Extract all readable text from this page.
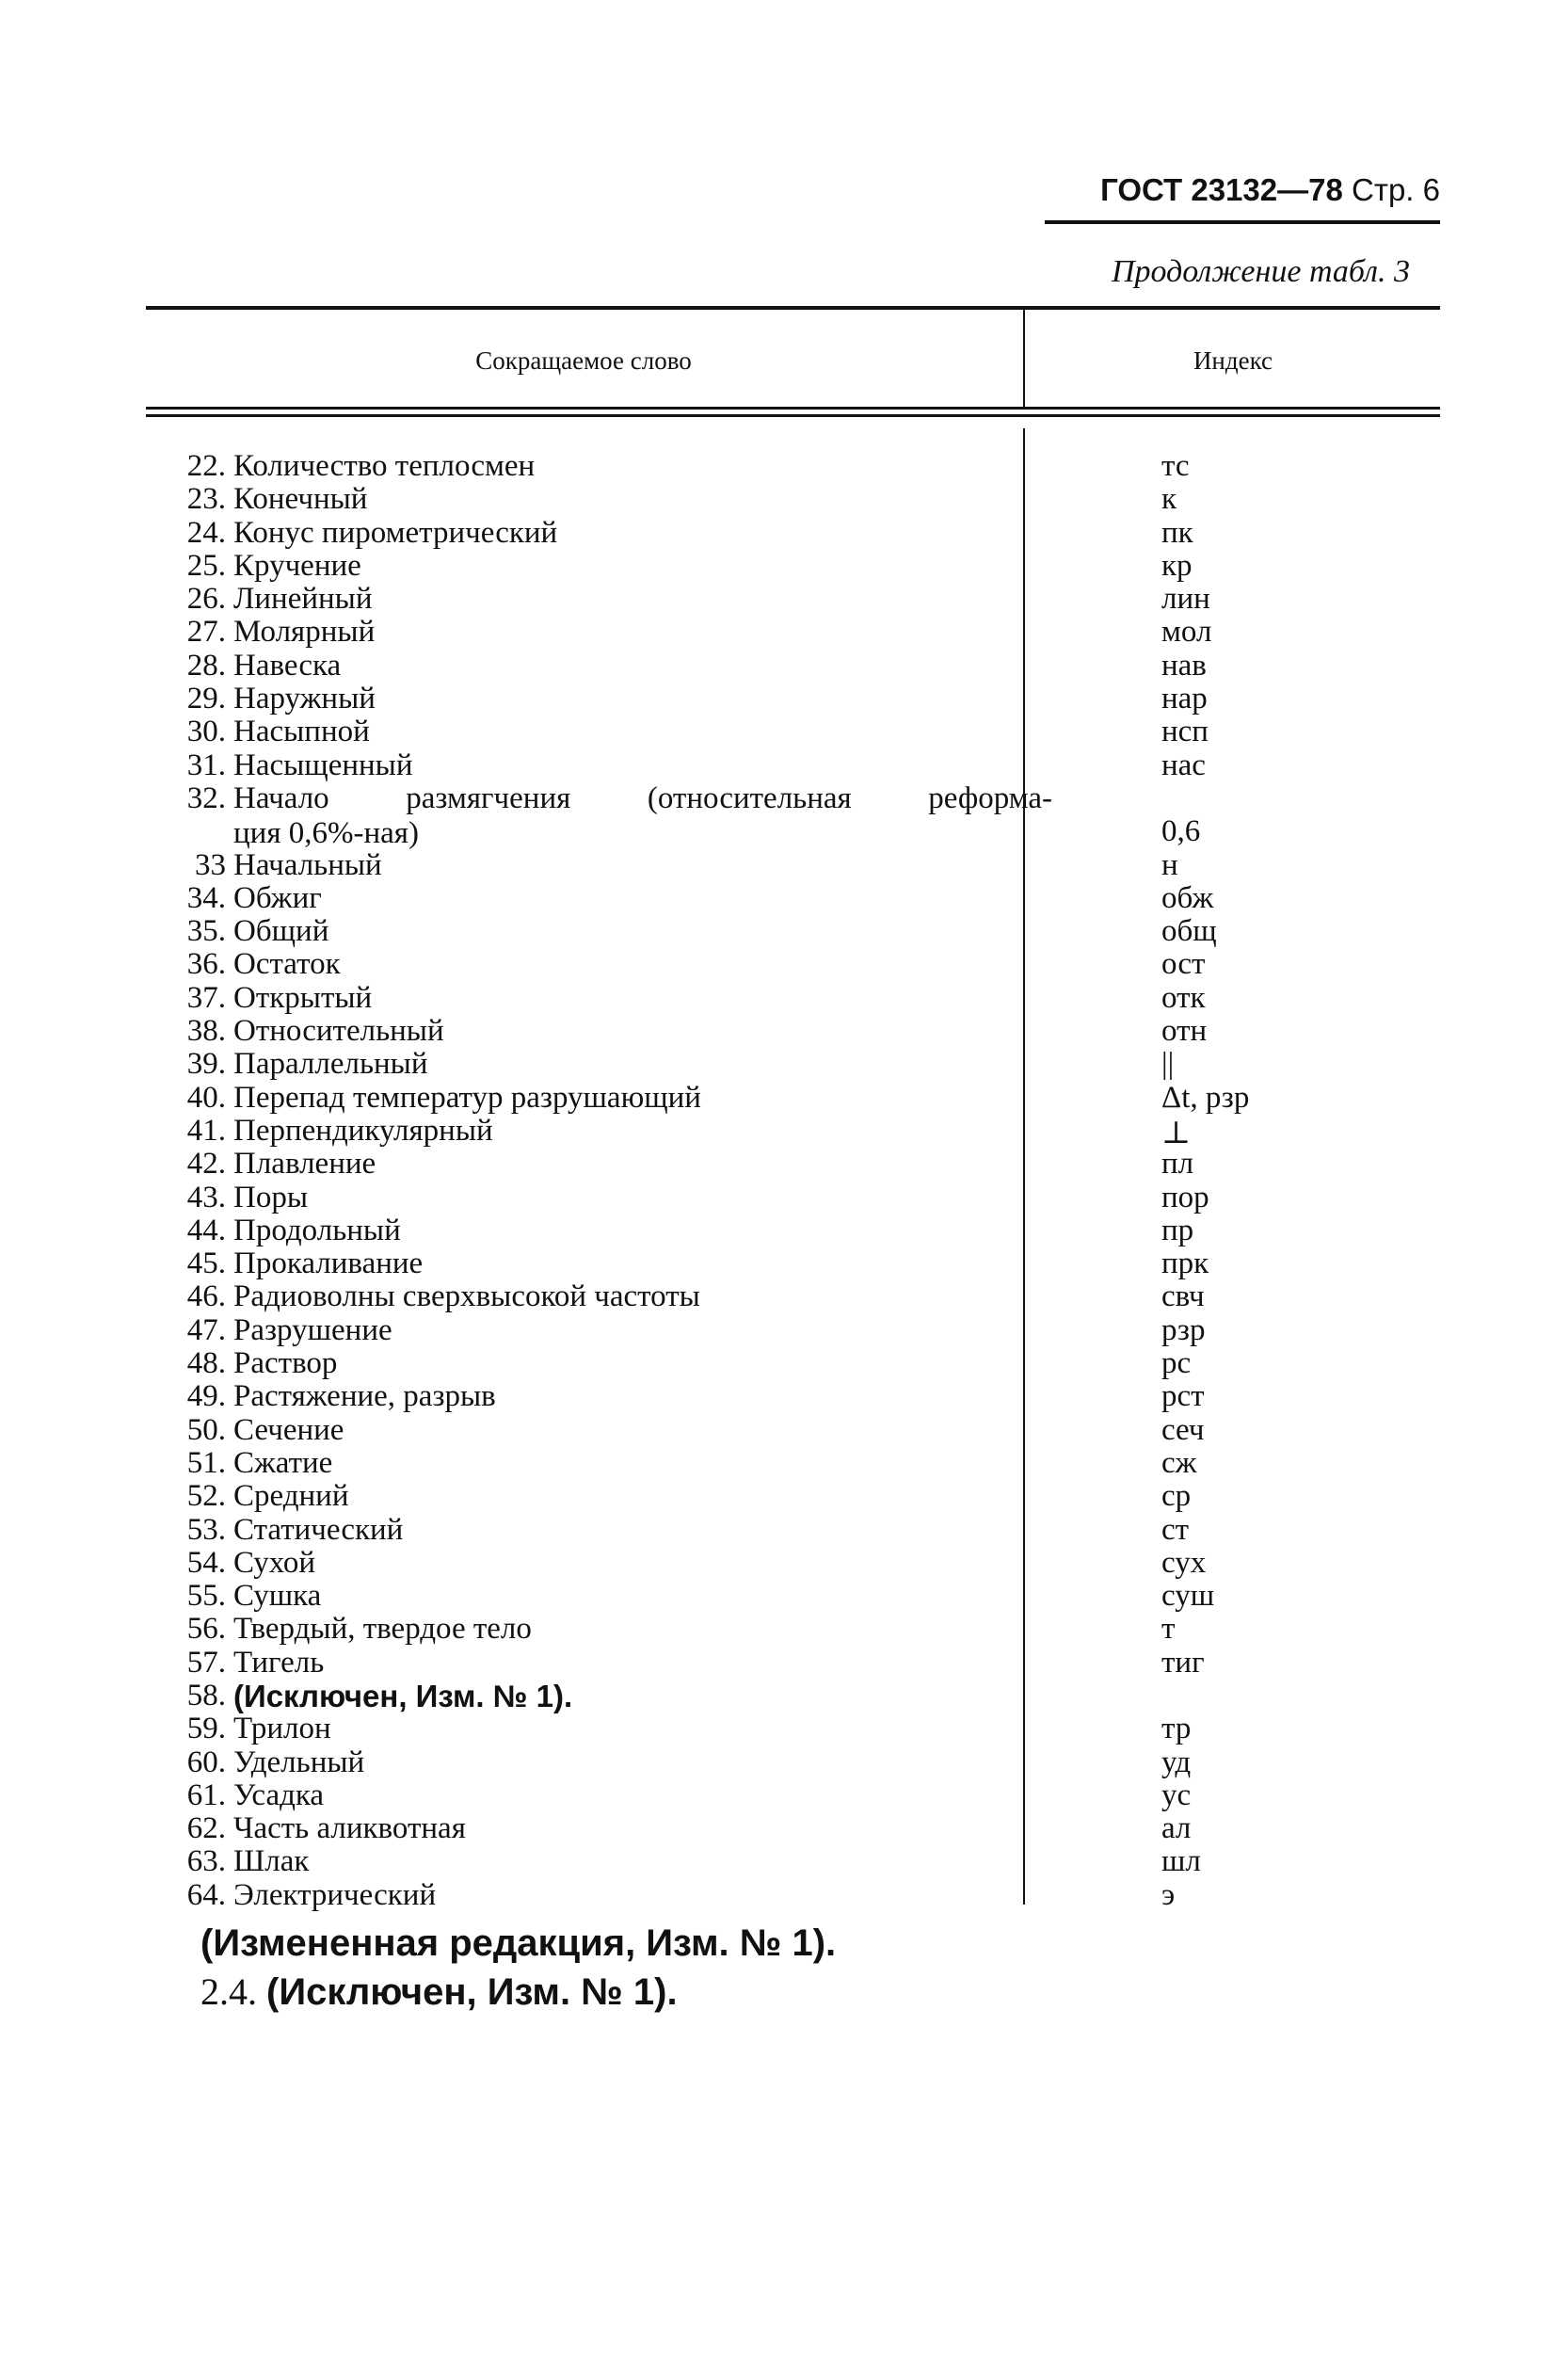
ГОСТ 23132—78 Стр. 6
Продолжение табл. 3
Сокращаемое слово	Индекс
22. Количество теплосмен	тс
23. Конечный	к
24. Конус пирометрический	пк
25. Кручение	кр
26. Линейный	лин
27. Молярный	мол
28. Навеска	нав
29. Наружный	нар
30. Насыпной	нсп
31. Насыщенный	нас
32. Начало размягчения (относительная реформа-
ция 0,6%-ная)	0,6
33 Начальный	н
34. Обжиг	обж
35. Общий	общ
36. Остаток	ост
37. Открытый	отк
38. Относительный	отн
39. Параллельный	||
40. Перепад температур разрушающий	Δt, рзр
41. Перпендикулярный	⊥
42. Плавление	пл
43. Поры	пор
44. Продольный	пр
45. Прокаливание	прк
46. Радиоволны сверхвысокой частоты	свч
47. Разрушение	рзр
48. Раствор	рс
49. Растяжение, разрыв	рст
50. Сечение	сеч
51. Сжатие	сж
52. Средний	ср
53. Статический	ст
54. Сухой	сух
55. Сушка	суш
56. Твердый, твердое тело	т
57. Тигель	тиг
58. (Исключен, Изм. № 1).
59. Трилон	тр
60. Удельный	уд
61. Усадка	ус
62. Часть аликвотная	ал
63. Шлак	шл
64. Электрический	э
(Измененная редакция, Изм. № 1).
2.4. (Исключен, Изм. № 1).
